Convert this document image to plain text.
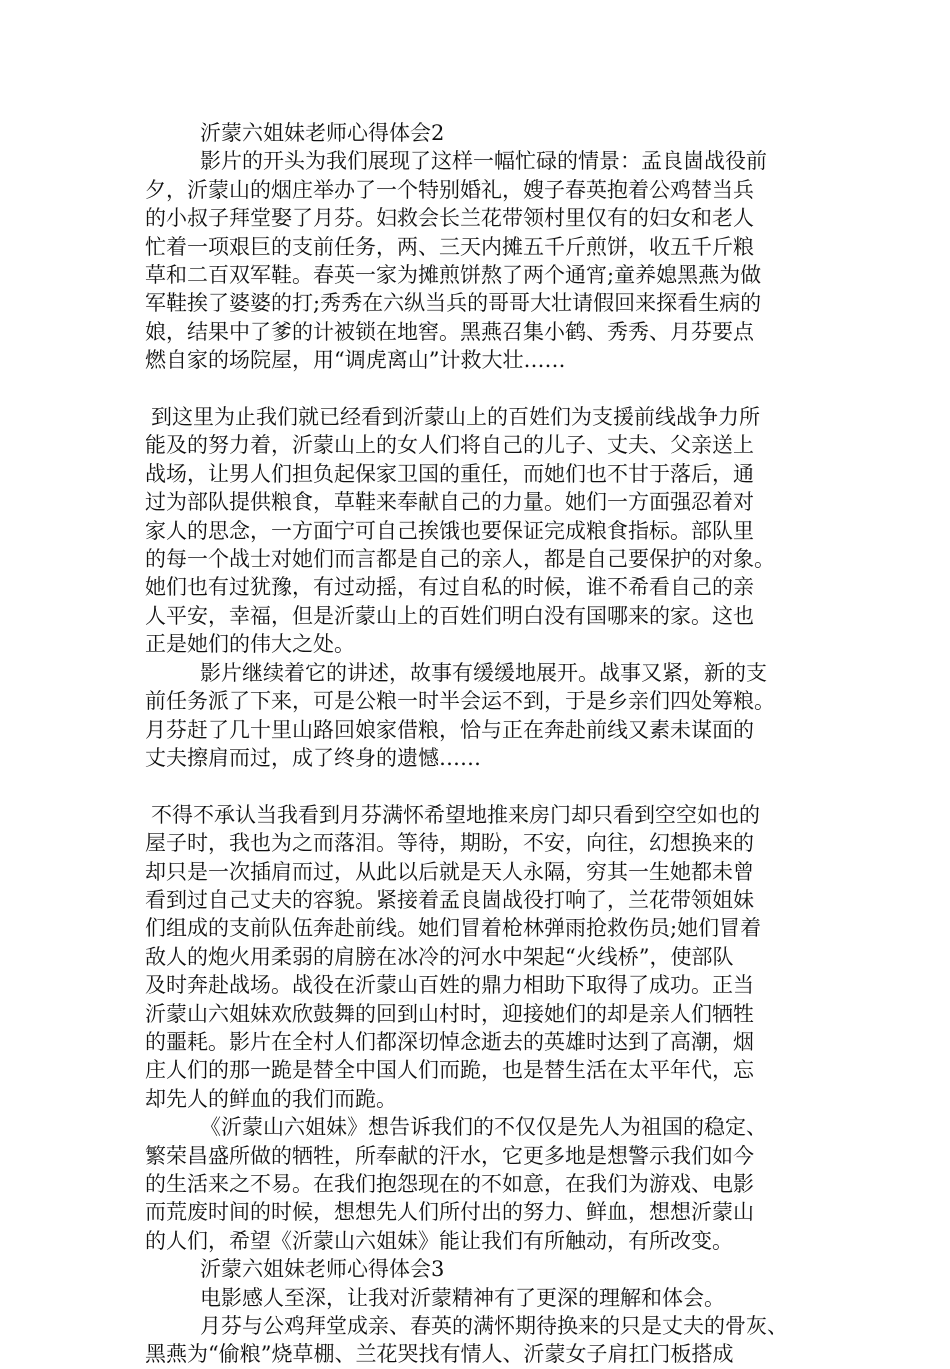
沂蒙六姐妹老师心得体会2
影片的开头为我们展现了这样一幅忙碌的情景：孟良崮战役前
夕，沂蒙山的烟庄举办了一个特别婚礼，嫂子春英抱着公鸡替当兵
的小叔子拜堂娶了月芬。妇救会长兰花带领村里仅有的妇女和老人
忙着一项艰巨的支前任务，两、三天内摊五千斤煎饼，收五千斤粮
草和二百双军鞋。春英一家为摊煎饼熬了两个通宵;童养媳黑燕为做
军鞋挨了婆婆的打;秀秀在六纵当兵的哥哥大壮请假回来探看生病的
娘，结果中了爹的计被锁在地窖。黑燕召集小鹤、秀秀、月芬要点
燃自家的场院屋，用“调虎离山”计救大壮……
到这里为止我们就已经看到沂蒙山上的百姓们为支援前线战争力所
能及的努力着，沂蒙山上的女人们将自己的儿子、丈夫、父亲送上
战场，让男人们担负起保家卫国的重任，而她们也不甘于落后，通
过为部队提供粮食，草鞋来奉献自己的力量。她们一方面强忍着对
家人的思念，一方面宁可自己挨饿也要保证完成粮食指标。部队里
的每一个战士对她们而言都是自己的亲人，都是自己要保护的对象。
她们也有过犹豫，有过动摇，有过自私的时候，谁不希看自己的亲
人平安，幸福，但是沂蒙山上的百姓们明白没有国哪来的家。这也
正是她们的伟大之处。
影片继续着它的讲述，故事有缓缓地展开。战事又紧，新的支
前任务派了下来，可是公粮一时半会运不到，于是乡亲们四处筹粮。
月芬赶了几十里山路回娘家借粮，恰与正在奔赴前线又素未谋面的
丈夫擦肩而过，成了终身的遗憾……
不得不承认当我看到月芬满怀希望地推来房门却只看到空空如也的
屋子时，我也为之而落泪。等待，期盼，不安，向往，幻想换来的
却只是一次插肩而过，从此以后就是天人永隔，穷其一生她都未曾
看到过自己丈夫的容貌。紧接着孟良崮战役打响了，兰花带领姐妹
们组成的支前队伍奔赴前线。她们冒着枪林弹雨抢救伤员;她们冒着
敌人的炮火用柔弱的肩膀在冰冷的河水中架起“火线桥”，使部队
及时奔赴战场。战役在沂蒙山百姓的鼎力相助下取得了成功。正当
沂蒙山六姐妹欢欣鼓舞的回到山村时，迎接她们的却是亲人们牺牲
的噩耗。影片在全村人们都深切悼念逝去的英雄时达到了高潮，烟
庄人们的那一跪是替全中国人们而跪，也是替生活在太平年代，忘
却先人的鲜血的我们而跪。
《沂蒙山六姐妹》想告诉我们的不仅仅是先人为祖国的稳定、
繁荣昌盛所做的牺牲，所奉献的汗水，它更多地是想警示我们如今
的生活来之不易。在我们抱怨现在的不如意，在我们为游戏、电影
而荒废时间的时候，想想先人们所付出的努力、鲜血，想想沂蒙山
的人们，希望《沂蒙山六姐妹》能让我们有所触动，有所改变。
沂蒙六姐妹老师心得体会3
电影感人至深，让我对沂蒙精神有了更深的理解和体会。
月芬与公鸡拜堂成亲、春英的满怀期待换来的只是丈夫的骨灰、
黑燕为“偷粮”烧草棚、兰花哭找有情人、沂蒙女子肩扛门板搭成
